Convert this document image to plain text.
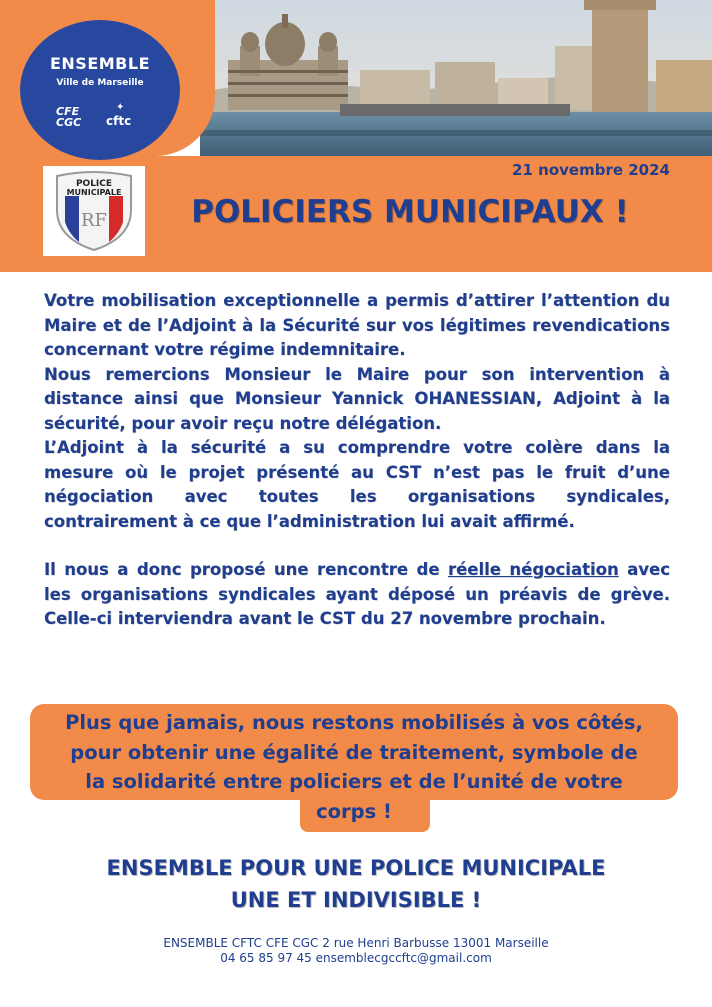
ENSEMBLE
Ville de Marseille
CFE
CGC
✦
cftc
RF
POLICE
MUNICIPALE
21 novembre 2024
POLICIERS MUNICIPAUX !

Votre mobilisation exceptionnelle a permis d’attirer l’attention du Maire et de l’Adjoint à la Sécurité sur vos légitimes revendications concernant votre régime indemnitaire.

Nous remercions Monsieur le Maire pour son intervention à distance ainsi que Monsieur Yannick OHANESSIAN, Adjoint à la sécurité, pour avoir reçu notre délégation.

L’Adjoint à la sécurité a su comprendre votre colère dans la mesure où le projet présenté au CST n’est pas le fruit d’une négociation avec toutes les organisations syndicales, contrairement à ce que l’administration lui avait affirmé.

Il nous a donc proposé une rencontre de réelle négociation avec les organisations syndicales ayant déposé un préavis de grève. Celle-ci interviendra avant le CST du 27 novembre prochain.

Plus que jamais, nous restons mobilisés à vos côtés,
pour obtenir une égalité de traitement, symbole de
la solidarité entre policiers et de l’unité de votre
corps !
ENSEMBLE POUR UNE POLICE MUNICIPALE
UNE ET INDIVISIBLE !
ENSEMBLE CFTC CFE CGC 2 rue Henri Barbusse 13001 Marseille
04 65 85 97 45 ensemblecgccftc@gmail.com
